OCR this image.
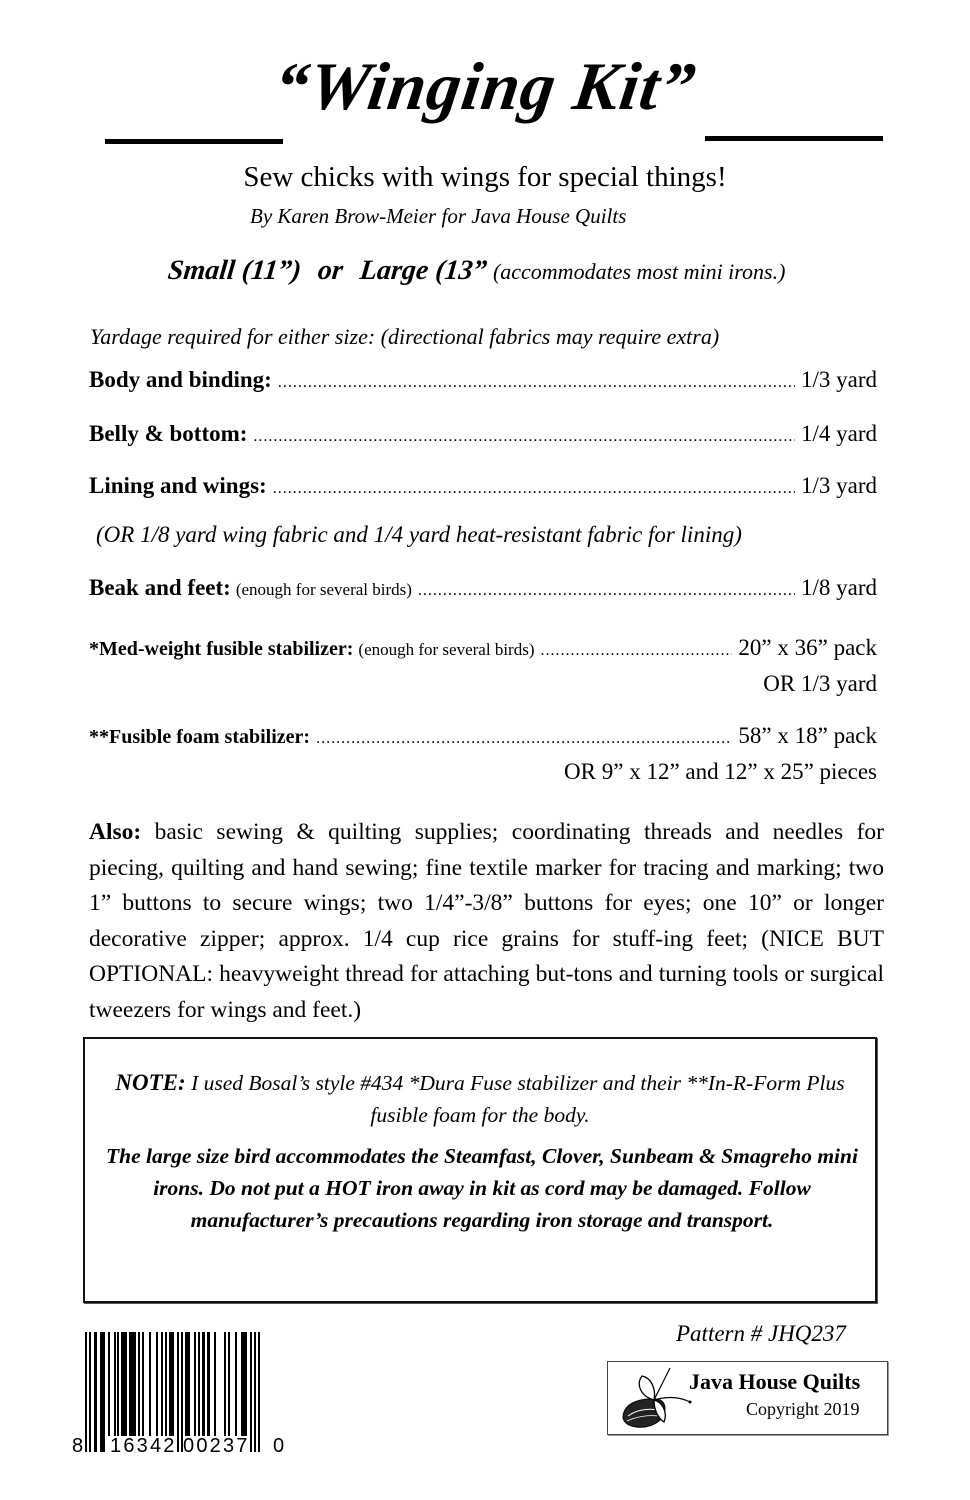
“Winging Kit”
Sew chicks with wings for special things!
By Karen Brow-Meier for Java House Quilts
Small (11”) or Large (13” (accommodates most mini irons.)
Yardage required for either size: (directional fabrics may require extra)
Body and binding: .....	1/3 yard
Belly & bottom: .....	1/4 yard
Lining and wings: .....	1/3 yard
(OR 1/8 yard wing fabric and 1/4 yard heat-resistant fabric for lining)
Beak and feet: (enough for several birds) .....	1/8 yard
*Med-weight fusible stabilizer: (enough for several birds) .....	20” x 36” pack
OR 1/3 yard
**Fusible foam stabilizer: .....	58” x 18” pack
OR 9” x 12” and 12” x 25” pieces
Also: basic sewing & quilting supplies; coordinating threads and needles for piecing, quilting and hand sewing; fine textile marker for tracing and marking; two 1” buttons to secure wings; two 1/4”-3/8” buttons for eyes; one 10” or longer decorative zipper; approx. 1/4 cup rice grains for stuff-ing feet; (NICE BUT OPTIONAL: heavyweight thread for attaching but-tons and turning tools or surgical tweezers for wings and feet.)
NOTE: I used Bosal’s style #434 *Dura Fuse stabilizer and their **In-R-Form Plus fusible foam for the body.
The large size bird accommodates the Steamfast, Clover, Sunbeam & Smagreho mini irons. Do not put a HOT iron away in kit as cord may be damaged. Follow manufacturer’s precautions regarding iron storage and transport.
8 16342 00237 0
Pattern # JHQ237
Java House Quilts
Copyright 2019
